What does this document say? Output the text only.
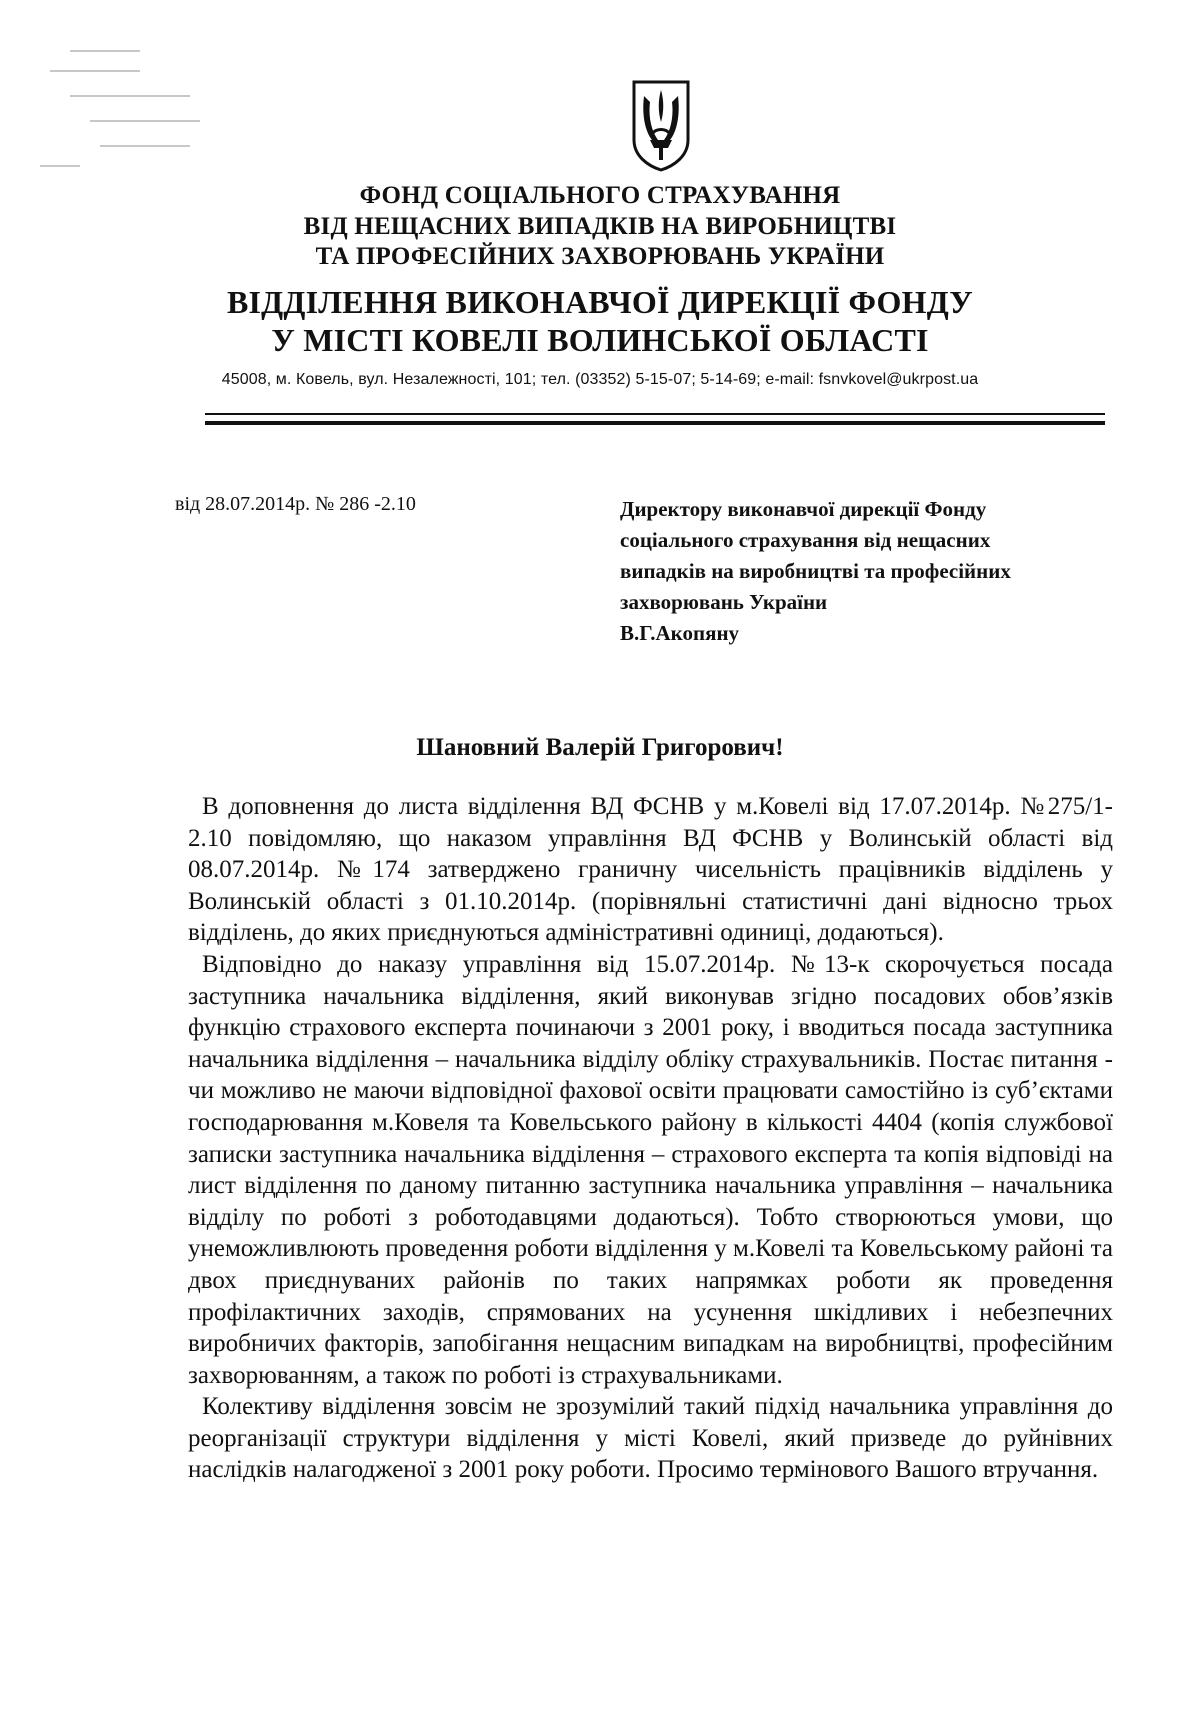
ФОНД СОЦІАЛЬНОГО СТРАХУВАННЯ
ВІД НЕЩАСНИХ ВИПАДКІВ НА ВИРОБНИЦТВІ
ТА ПРОФЕСІЙНИХ ЗАХВОРЮВАНЬ УКРАЇНИ
ВІДДІЛЕННЯ ВИКОНАВЧОЇ ДИРЕКЦІЇ ФОНДУ
У МІСТІ КОВЕЛІ ВОЛИНСЬКОЇ ОБЛАСТІ
45008, м. Ковель, вул. Незалежності, 101; тел. (03352) 5-15-07; 5-14-69; e-mail: fsnvkovel@ukrpost.ua
від 28.07.2014р. № 286 -2.10	Директору виконавчої дирекції Фонду
соціального страхування від нещасних
випадків на виробництві та професійних
захворювань України
В.Г.Акопяну
Шановний Валерій Григорович!

В доповнення до листа відділення ВД ФСНВ у м.Ковелі від 17.07.2014р. №275/1-2.10 повідомляю, що наказом управління ВД ФСНВ у Волинській області від 08.07.2014р. №174 затверджено граничну чисельність працівників відділень у Волинській області з 01.10.2014р. (порівняльні статистичні дані відносно трьох відділень, до яких приєднуються адміністративні одиниці, додаються).

Відповідно до наказу управління від 15.07.2014р. №13-к скорочується посада заступника начальника відділення, який виконував згідно посадових обов’язків функцію страхового експерта починаючи з 2001 року, і вводиться посада заступника начальника відділення – начальника відділу обліку страхувальників. Постає питання - чи можливо не маючи відповідної фахової освіти працювати самостійно із суб’єктами господарювання м.Ковеля та Ковельського району в кількості 4404 (копія службової записки заступника начальника відділення – страхового експерта та копія відповіді на лист відділення по даному питанню заступника начальника управління – начальника відділу по роботі з роботодавцями додаються). Тобто створюються умови, що унеможливлюють проведення роботи відділення у м.Ковелі та Ковельському районі та двох приєднуваних районів по таких напрямках роботи як проведення профілактичних заходів, спрямованих на усунення шкідливих і небезпечних виробничих факторів, запобігання нещасним випадкам на виробництві, професійним захворюванням, а також по роботі із страхувальниками.

Колективу відділення зовсім не зрозумілий такий підхід начальника управління до реорганізації структури відділення у місті Ковелі, який призведе до руйнівних наслідків налагодженої з 2001 року роботи. Просимо термінового Вашого втручання.
